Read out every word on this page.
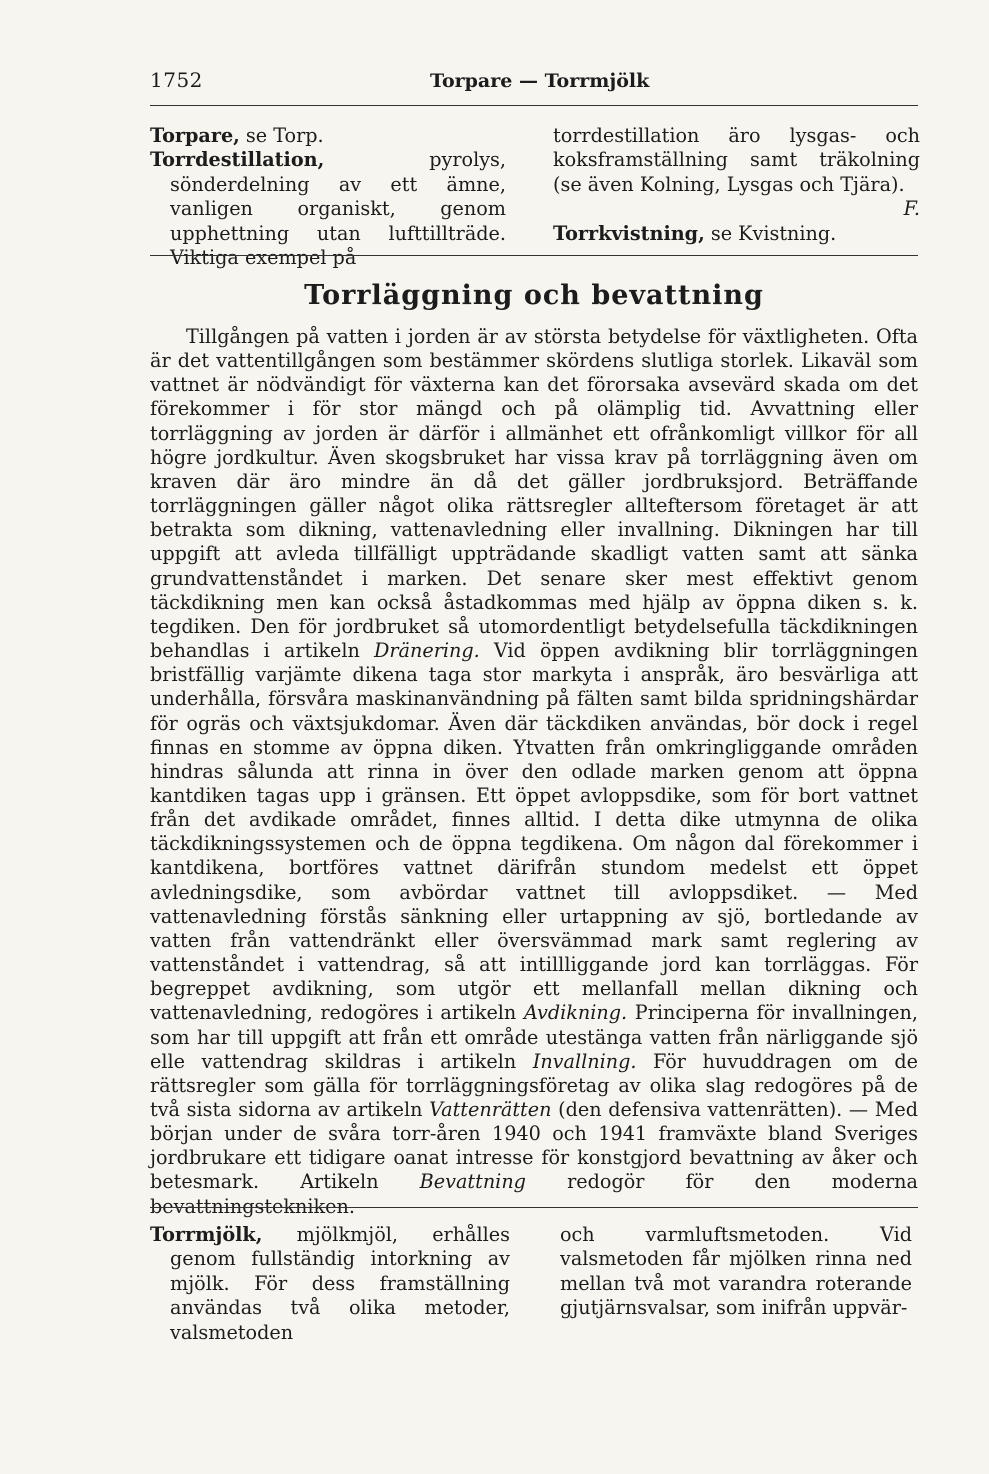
1752	Torpare — Torrmjölk

Torpare, se Torp.

Torrdestillation, pyrolys, sönderdelning av ett ämne, vanligen organiskt, genom upphettning utan lufttillträde. Viktiga exempel på

torrdestillation äro lysgas- och koksframställning samt träkolning (se även Kolning, Lysgas och Tjära).
F.

Torrkvistning, se Kvistning.

Torrläggning och bevattning

Tillgången på vatten i jorden är av största betydelse för växtligheten. Ofta är det vattentillgången som bestämmer skördens slutliga storlek. Likaväl som vattnet är nödvändigt för växterna kan det förorsaka avsevärd skada om det förekommer i för stor mängd och på olämplig tid. Avvattning eller torrläggning av jorden är därför i allmänhet ett ofrånkomligt villkor för all högre jordkultur. Även skogsbruket har vissa krav på torrläggning även om kraven där äro mindre än då det gäller jordbruksjord. Beträffande torrläggningen gäller något olika rättsregler allteftersom företaget är att betrakta som dikning, vattenavledning eller invallning. Dikningen har till uppgift att avleda tillfälligt uppträdande skadligt vatten samt att sänka grundvattenståndet i marken. Det senare sker mest effektivt genom täckdikning men kan också åstadkommas med hjälp av öppna diken s. k. tegdiken. Den för jordbruket så utomordentligt betydelsefulla täckdikningen behandlas i artikeln Dränering. Vid öppen avdikning blir torrläggningen bristfällig varjämte dikena taga stor markyta i anspråk, äro besvärliga att underhålla, försvåra maskinanvändning på fälten samt bilda spridningshärdar för ogräs och växtsjukdomar. Även där täckdiken användas, bör dock i regel finnas en stomme av öppna diken. Ytvatten från omkringliggande områden hindras sålunda att rinna in över den odlade marken genom att öppna kantdiken tagas upp i gränsen. Ett öppet avloppsdike, som för bort vattnet från det avdikade området, finnes alltid. I detta dike utmynna de olika täckdikningssystemen och de öppna tegdikena. Om någon dal förekommer i kantdikena, bortföres vattnet därifrån stundom medelst ett öppet avledningsdike, som avbördar vattnet till avloppsdiket. — Med vattenavledning förstås sänkning eller urtappning av sjö, bortledande av vatten från vattendränkt eller översvämmad mark samt reglering av vattenståndet i vattendrag, så att intillliggande jord kan torrläggas. För begreppet avdikning, som utgör ett mellanfall mellan dikning och vattenavledning, redogöres i artikeln Avdikning. Principerna för invallningen, som har till uppgift att från ett område utestänga vatten från närliggande sjö elle vattendrag skildras i artikeln Invallning. För huvuddragen om de rättsregler som gälla för torrläggningsföretag av olika slag redogöres på de två sista sidorna av artikeln Vattenrätten (den defensiva vattenrätten). — Med början under de svåra torr-åren 1940 och 1941 framväxte bland Sveriges jordbrukare ett tidigare oanat intresse för konstgjord bevattning av åker och betesmark. Artikeln Bevattning redogör för den moderna bevattningstekniken.

Torrmjölk, mjölkmjöl, erhålles genom fullständig intorkning av mjölk. För dess framställning användas två olika metoder, valsmetoden

och varmluftsmetoden. Vid valsmetoden får mjölken rinna ned mellan två mot varandra roterande gjutjärnsvalsar, som inifrån uppvär-
